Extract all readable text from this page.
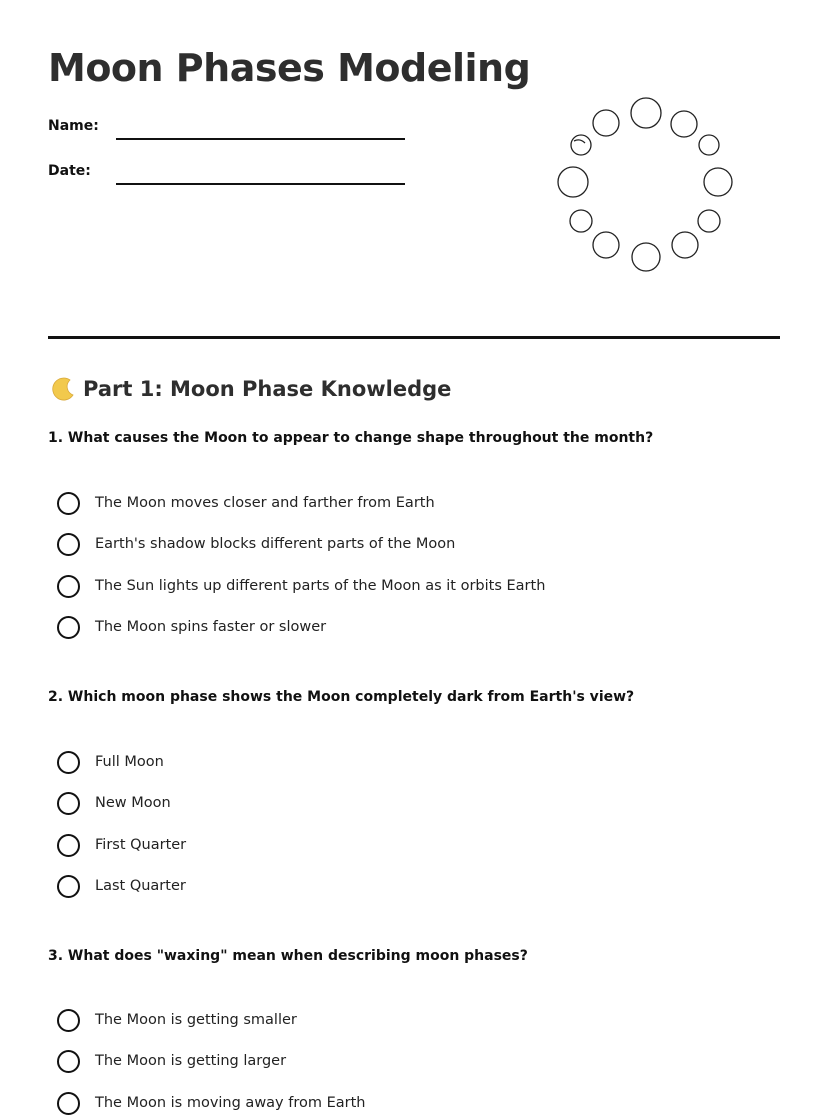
Moon Phases Modeling
Name:
Date:
Part 1: Moon Phase Knowledge
1. What causes the Moon to appear to change shape throughout the month?
The Moon moves closer and farther from Earth
Earth's shadow blocks different parts of the Moon
The Sun lights up different parts of the Moon as it orbits Earth
The Moon spins faster or slower
2. Which moon phase shows the Moon completely dark from Earth's view?
Full Moon
New Moon
First Quarter
Last Quarter
3. What does "waxing" mean when describing moon phases?
The Moon is getting smaller
The Moon is getting larger
The Moon is moving away from Earth
